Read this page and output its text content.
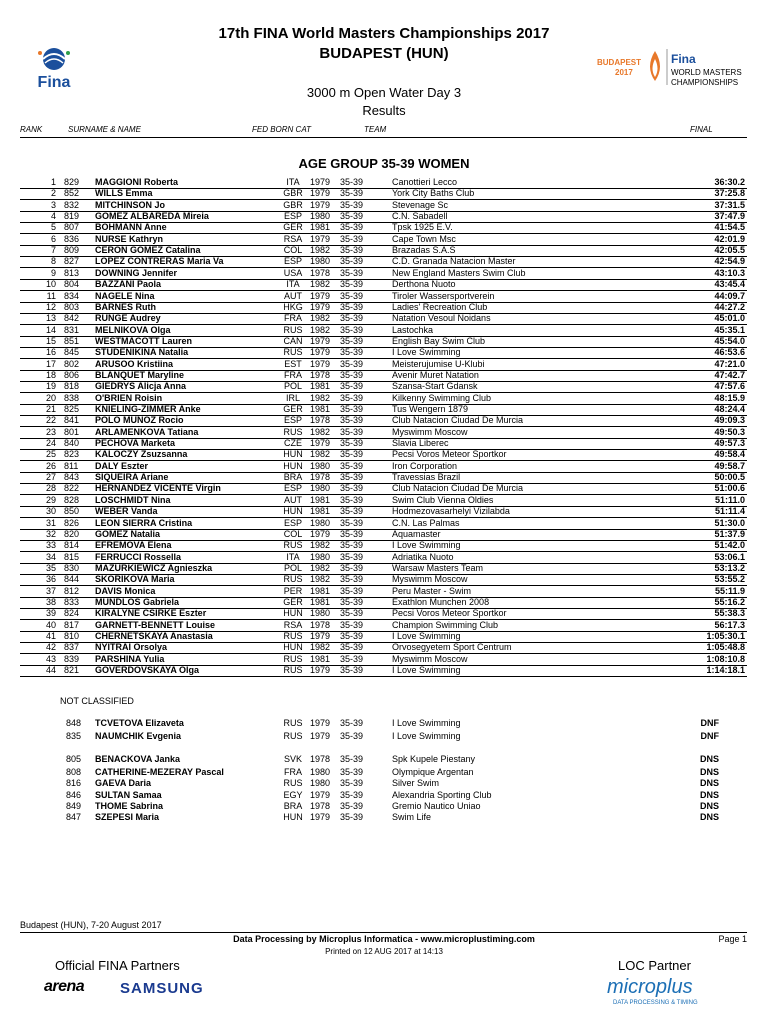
17th FINA World Masters Championships 2017
BUDAPEST (HUN)
3000 m Open Water Day 3
Results
Fina
BUDAPEST
2017
Fina
WORLD MASTERS
CHAMPIONSHIPS
RANK	SURNAME & NAME	FED BORN CAT	TEAM	FINAL
AGE GROUP 35-39 WOMEN
1 829 MAGGIONI Roberta	ITA	1979 35-39	Canottieri Lecco	36:30.2
2 852 WILLS Emma	GBR 1979 35-39	York City Baths Club	37:25.8
3 832 MITCHINSON Jo	GBR 1979 35-39	Stevenage Sc	37:31.5
4 819 GOMEZ ALBAREDA Mireia	ESP 1980 35-39	C.N. Sabadell	37:47.9
5 807 BOHMANN Anne	GER 1981 35-39	Tpsk 1925 E.V.	41:54.5
6 836 NURSE Kathryn	RSA 1979 35-39	Cape Town Msc	42:01.9
7 809 CERON GOMEZ Catalina	COL 1982 35-39	Brazadas S.A.S	42:05.5
8 827 LOPEZ CONTRERAS Maria Va	ESP 1980 35-39	C.D. Granada Natacion Master	42:54.9
9 813 DOWNING Jennifer	USA 1978 35-39	New England Masters Swim Club	43:10.3
10 804 BAZZANI Paola	ITA	1982 35-39	Derthona Nuoto	43:45.4
11 834 NAGELE Nina	AUT 1979 35-39	Tiroler Wassersportverein	44:09.7
12 803 BARNES Ruth	HKG 1979 35-39	Ladies' Recreation Club	44:27.2
13 842 RUNGE Audrey	FRA 1982 35-39	Natation Vesoul Noidans	45:01.0
14 831 MELNIKOVA Olga	RUS 1982 35-39	Lastochka	45:35.1
15 851 WESTMACOTT Lauren	CAN 1979 35-39	English Bay Swim Club	45:54.0
16 845 STUDENIKINA Natalia	RUS 1979 35-39	I Love Swimming	46:53.6
17 802 ARUSOO Kristiina	EST 1979 35-39	Meisterujumise U-Klubi	47:21.0
18 806 BLANQUET Maryline	FRA 1978 35-39	Avenir Muret Natation	47:42.7
19 818 GIEDRYS Alicja Anna	POL 1981 35-39	Szansa-Start Gdansk	47:57.6
20 838 O'BRIEN Roisin	IRL	1982 35-39	Kilkenny Swimming Club	48:15.9
21 825 KNIELING-ZIMMER Anke	GER 1981 35-39	Tus Wengern 1879	48:24.4
22 841 POLO MUNOZ Rocio	ESP 1978 35-39	Club Natacion Ciudad De Murcia	49:09.3
23 801 ARLAMENKOVA Tatiana	RUS 1982 35-39	Myswimm Moscow	49:50.3
24 840 PECHOVA Marketa	CZE 1979 35-39	Slavia Liberec	49:57.3
25 823 KALOCZY Zsuzsanna	HUN 1982 35-39	Pecsi Voros Meteor Sportkor	49:58.4
26 811 DALY Eszter	HUN 1980 35-39	Iron Corporation	49:58.7
27 843 SIQUEIRA Ariane	BRA 1978 35-39	Travessias Brazil	50:00.5
28 822 HERNANDEZ VICENTE Virgin	ESP 1980 35-39	Club Natacion Ciudad De Murcia	51:00.6
29 828 LOSCHMIDT Nina	AUT 1981 35-39	Swim Club Vienna Oldies	51:11.0
30 850 WEBER Vanda	HUN 1981 35-39	Hodmezovasarhelyi Vizilabda	51:11.4
31 826 LEON SIERRA Cristina	ESP 1980 35-39	C.N. Las Palmas	51:30.0
32 820 GOMEZ Natalia	COL 1979 35-39	Aquamaster	51:37.9
33 814 EFREMOVA Elena	RUS 1982 35-39	I Love Swimming	51:42.0
34 815 FERRUCCI Rossella	ITA	1980 35-39	Adriatika Nuoto	53:06.1
35 830 MAZURKIEWICZ Agnieszka	POL 1982 35-39	Warsaw Masters Team	53:13.2
36 844 SKORIKOVA Maria	RUS 1982 35-39	Myswimm Moscow	53:55.2
37 812 DAVIS Monica	PER 1981 35-39	Peru Master - Swim	55:11.9
38 833 MUNDLOS Gabriela	GER 1981 35-39	Exathlon Munchen 2008	55:16.2
39 824 KIRALYNE CSIRKE Eszter	HUN 1980 35-39	Pecsi Voros Meteor Sportkor	55:38.3
40 817 GARNETT-BENNETT Louise	RSA 1978 35-39	Champion Swimming Club	56:17.3
41 810 CHERNETSKAYA Anastasia	RUS 1979 35-39	I Love Swimming	1:05:30.1
42 837 NYITRAI Orsolya	HUN 1982 35-39	Orvosegyetem Sport Centrum	1:05:48.8
43 839 PARSHINA Yulia	RUS 1981 35-39	Myswimm Moscow	1:08:10.8
44 821 GOVERDOVSKAYA Olga	RUS 1979 35-39	I Love Swimming	1:14:18.1
NOT CLASSIFIED
848 TCVETOVA Elizaveta	RUS 1979 35-39	I Love Swimming	DNF
835 NAUMCHIK Evgenia	RUS 1979 35-39	I Love Swimming	DNF
805 BENACKOVA Janka	SVK 1978 35-39	Spk Kupele Piestany	DNS
808 CATHERINE-MEZERAY Pascal	FRA 1980 35-39	Olympique Argentan	DNS
816 GAEVA Daria	RUS 1980 35-39	Silver Swim	DNS
846 SULTAN Samaa	EGY 1979 35-39	Alexandria Sporting Club	DNS
849 THOME Sabrina	BRA 1978 35-39	Gremio Nautico Uniao	DNS
847 SZEPESI Maria	HUN 1979 35-39	Swim Life	DNS
Budapest (HUN), 7-20 August 2017
Data Processing by Microplus Informatica - www.microplustiming.com
Printed on 12 AUG 2017 at 14:13
Page 1
Official FINA Partners	LOC Partner
arena SAMSUNG	microplus
DATA PROCESSING & TIMING
